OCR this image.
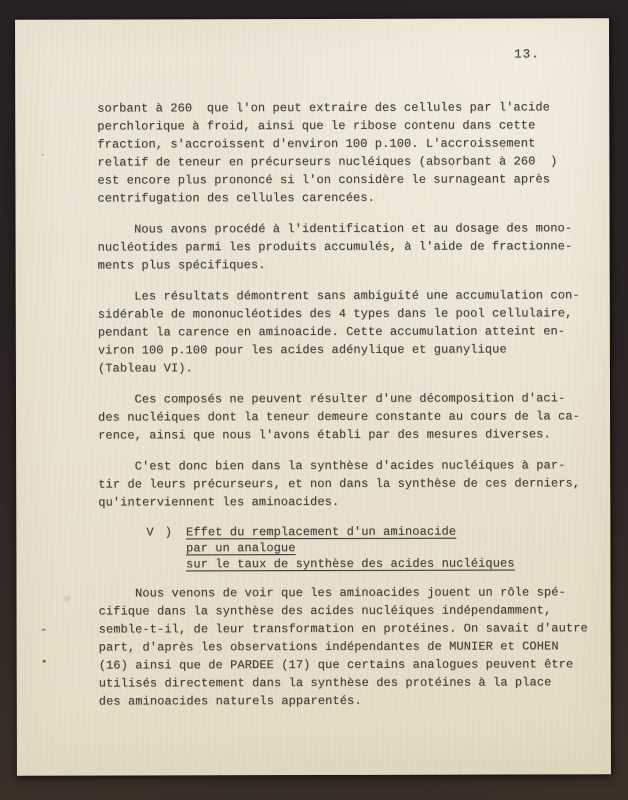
13.

sorbant à 260  que l'on peut extraire des cellules par l'acide
perchlorique à froid, ainsi que le ribose contenu dans cette
fraction, s'accroissent d'environ 100 p.100. L'accroissement
relatif de teneur en précurseurs nucléiques (absorbant à 260  )
est encore plus prononcé si l'on considère le surnageant après
centrifugation des cellules carencées.

Nous avons procédé à l'identification et au dosage des mono-
nucléotides parmi les produits accumulés, à l'aide de fractionne-
ments plus spécifiques.

Les résultats démontrent sans ambiguité une accumulation con-
sidérable de mononucléotides des 4 types dans le pool cellulaire,
pendant la carence en aminoacide. Cette accumulation atteint en-
viron 100 p.100 pour les acides adénylique et guanylique
(Tableau VI).

Ces composés ne peuvent résulter d'une décomposition d'aci-
des nucléiques dont la teneur demeure constante au cours de la ca-
rence, ainsi que nous l'avons établi par des mesures diverses.

C'est donc bien dans la synthèse d'acides nucléiques à par-
tir de leurs précurseurs, et non dans la synthèse de ces derniers,
qu'interviennent les aminoacides.

V ) Effet du remplacement d'un aminoacide
par un analogue
sur le taux de synthèse des acides nucléiques

Nous venons de voir que les aminoacides jouent un rôle spé-
cifique dans la synthèse des acides nucléiques indépendamment,
semble-t-il, de leur transformation en protéines. On savait d'autre
part, d'après les observations indépendantes de MUNIER et COHEN
(16) ainsi que de PARDEE (17) que certains analogues peuvent être
utilisés directement dans la synthèse des protéines à la place
des aminoacides naturels apparentés.
